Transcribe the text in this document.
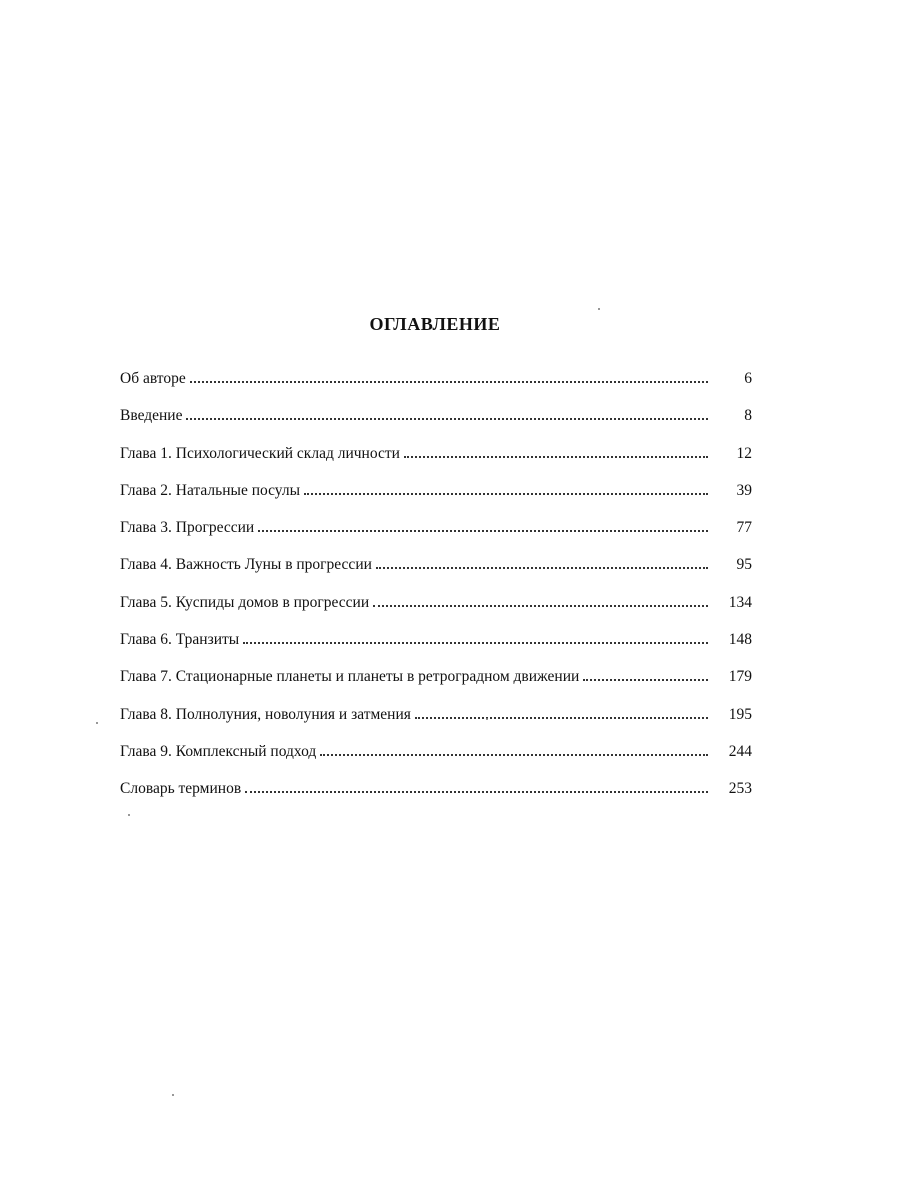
ОГЛАВЛЕНИЕ
Об авторе	6
Введение	8
Глава 1. Психологический склад личности	12
Глава 2. Натальные посулы	39
Глава 3. Прогрессии	77
Глава 4. Важность Луны в прогрессии	95
Глава 5. Куспиды домов в прогрессии	134
Глава 6. Транзиты	148
Глава 7. Стационарные планеты и планеты в ретроградном движении	179
Глава 8. Полнолуния, новолуния и затмения	195
Глава 9. Комплексный подход	244
Словарь терминов	253
